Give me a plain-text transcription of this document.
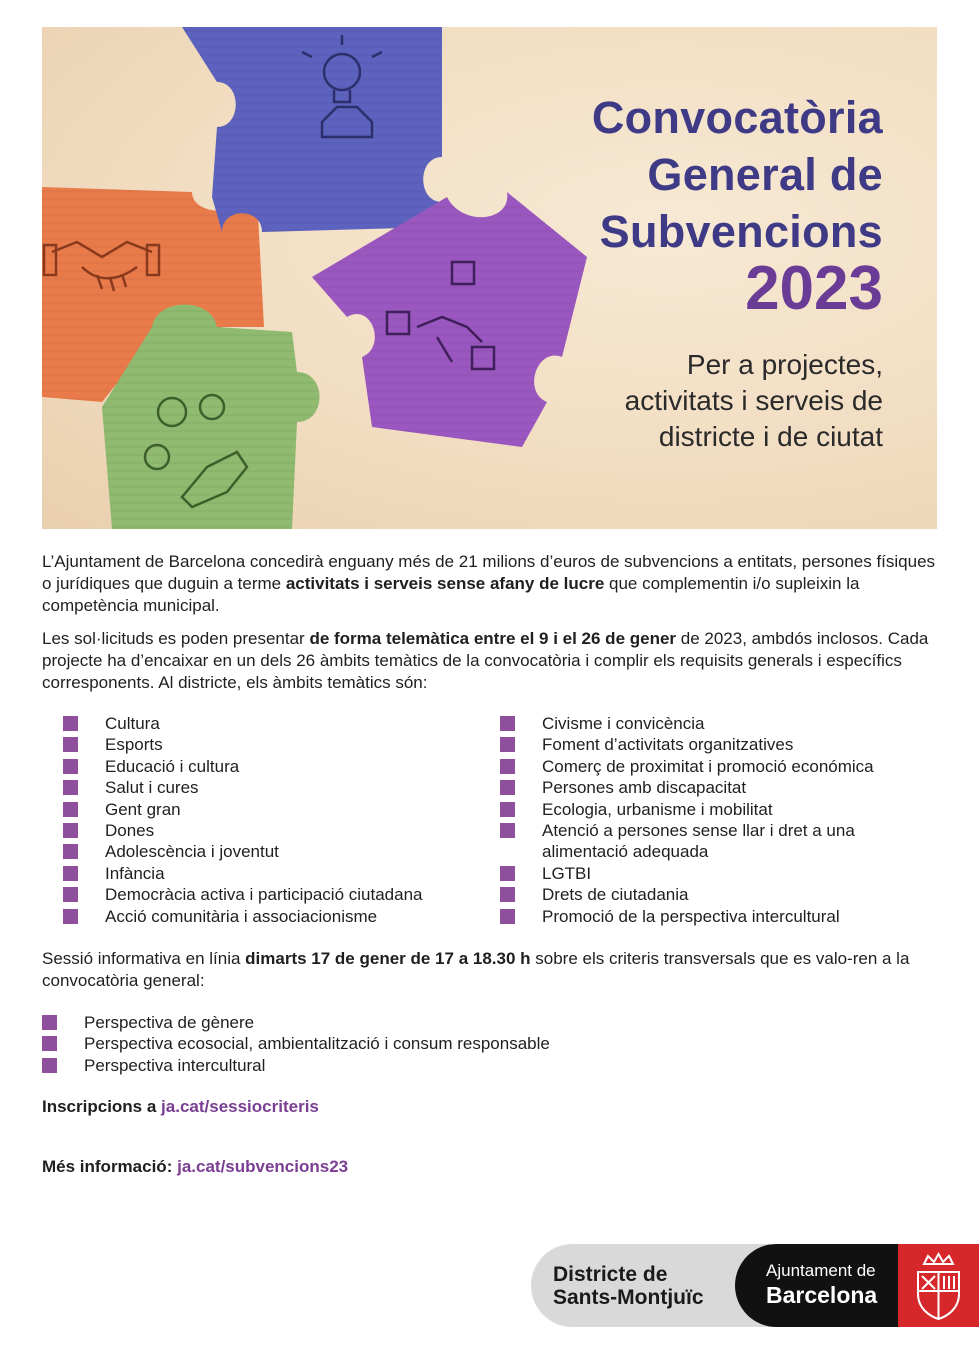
Convocatòria
General de
Subvencions
2023
Per a projectes,
activitats i serveis de
districte i de ciutat

L’Ajuntament de Barcelona concedirà enguany més de 21 milions d’euros de subvencions a entitats, persones físiques o jurídiques que duguin a terme activitats i serveis sense afany de lucre que complementin i/o supleixin la competència municipal.

Les sol·licituds es poden presentar de forma telemàtica entre el 9 i el 26 de gener de 2023, ambdós inclosos. Cada projecte ha d’encaixar en un dels 26 àmbits temàtics de la convocatòria i complir els requisits generals i específics corresponents. Al districte, els àmbits temàtics són:

Cultura
Esports
Educació i cultura
Salut i cures
Gent gran
Dones
Adolescència i joventut
Infància
Democràcia activa i participació ciutadana
Acció comunitària i associacionisme
Civisme i convicència
Foment d’activitats organitzatives
Comerç de proximitat i promoció económica
Persones amb discapacitat
Ecologia, urbanisme i mobilitat
Atenció a persones sense llar i dret a una
alimentació adequada
LGTBI
Drets de ciutadania
Promoció de la perspectiva intercultural

Sessió informativa en línia dimarts 17 de gener de 17 a 18.30 h sobre els criteris transversals que es valo-ren a la convocatòria general:

Perspectiva de gènere
Perspectiva ecosocial, ambientalització i consum responsable
Perspectiva intercultural
Inscripcions a ja.cat/sessiocriteris
Més informació: ja.cat/subvencions23
Districte de
Sants-Montjuïc
Ajuntament de
Barcelona
